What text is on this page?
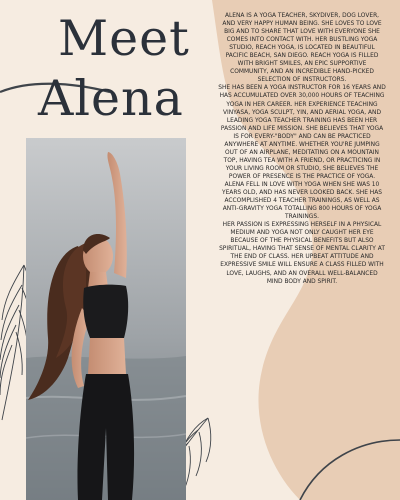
Meet
Alena

ALENA IS A YOGA TEACHER, SKYDIVER, DOG LOVER, AND VERY HAPPY HUMAN BEING. SHE LOVES TO LOVE BIG AND TO SHARE THAT LOVE WITH EVERYONE SHE COMES INTO CONTACT WITH. HER BUSTLING YOGA STUDIO, REACH YOGA, IS LOCATED IN BEAUTIFUL PACIFIC BEACH, SAN DIEGO. REACH YOGA IS FILLED WITH BRIGHT SMILES, AN EPIC SUPPORTIVE COMMUNITY, AND AN INCREDIBLE HAND-PICKED SELECTION OF INSTRUCTORS.

SHE HAS BEEN A YOGA INSTRUCTOR FOR 16 YEARS AND HAS ACCUMULATED OVER 30,000 HOURS OF TEACHING YOGA IN HER CAREER. HER EXPERIENCE TEACHING VINYASA, YOGA SCULPT, YIN, AND AERIAL YOGA, AND LEADING YOGA TEACHER TRAINING HAS BEEN HER PASSION AND LIFE MISSION. SHE BELIEVES THAT YOGA IS FOR EVERY-"BODY" AND CAN BE PRACTICED ANYWHERE AT ANYTIME. WHETHER YOU'RE JUMPING OUT OF AN AIRPLANE, MEDITATING ON A MOUNTAIN TOP, HAVING TEA WITH A FRIEND, OR PRACTICING IN YOUR LIVING ROOM OR STUDIO, SHE BELIEVES THE POWER OF PRESENCE IS THE PRACTICE OF YOGA.

ALENA FELL IN LOVE WITH YOGA WHEN SHE WAS 10 YEARS OLD, AND HAS NEVER LOOKED BACK. SHE HAS ACCOMPLISHED 4 TEACHER TRAININGS, AS WELL AS ANTI-GRAVITY YOGA TOTALLING 800 HOURS OF YOGA TRAININGS.

HER PASSION IS EXPRESSING HERSELF IN A PHYSICAL MEDIUM AND YOGA NOT ONLY CAUGHT HER EYE BECAUSE OF THE PHYSICAL BENEFITS BUT ALSO SPIRITUAL, HAVING THAT SENSE OF MENTAL CLARITY AT THE END OF CLASS. HER UPBEAT ATTITUDE AND EXPRESSIVE SMILE WILL ENSURE A CLASS FILLED WITH LOVE, LAUGHS, AND AN OVERALL WELL-BALANCED MIND BODY AND SPIRIT.
